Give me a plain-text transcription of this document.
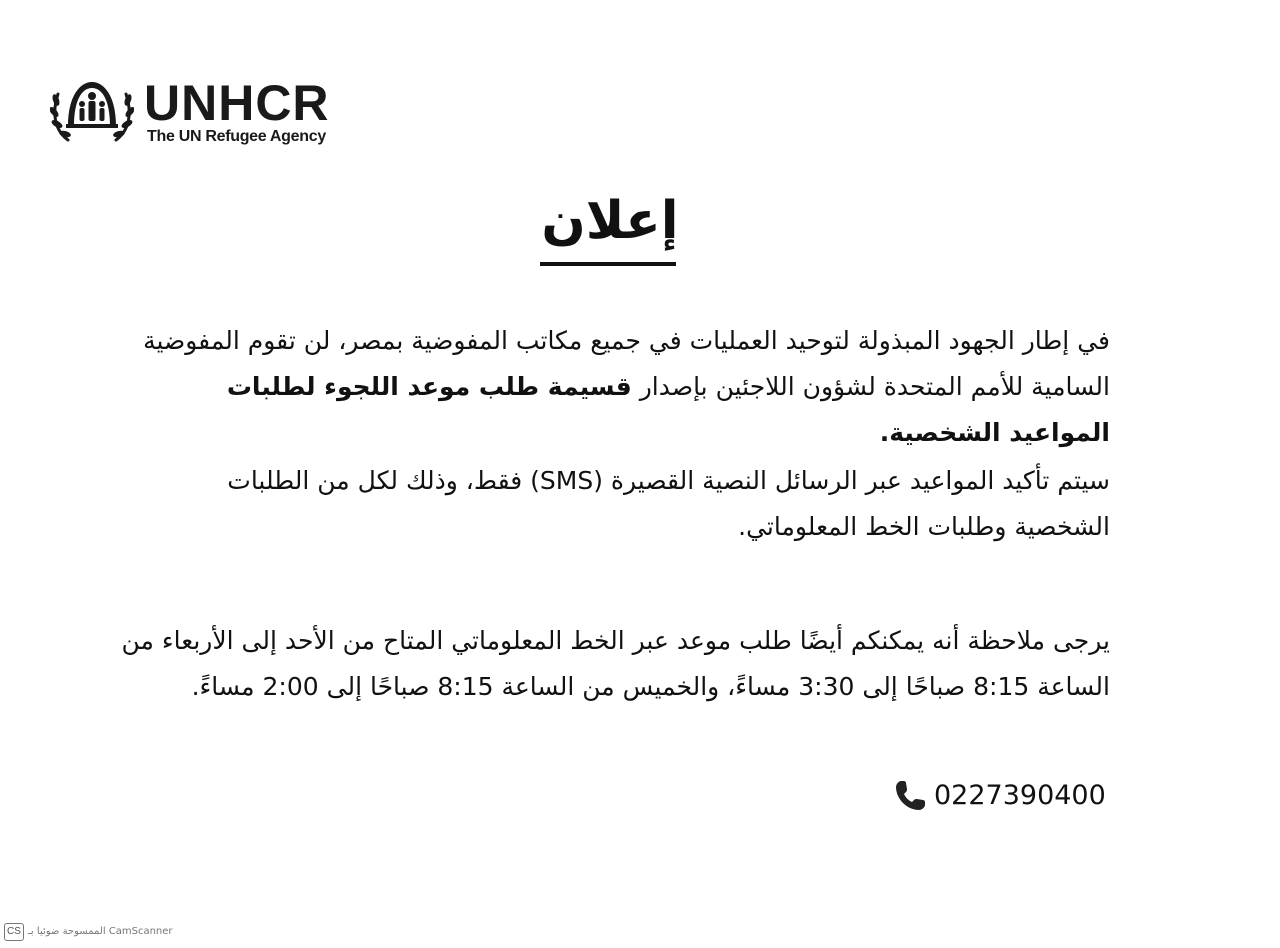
UNHCR
The UN Refugee Agency
إعلان

في إطار الجهود المبذولة لتوحيد العمليات في جميع مكاتب المفوضية بمصر، لن تقوم المفوضية السامية للأمم المتحدة لشؤون اللاجئين بإصدار قسيمة طلب موعد اللجوء لطلبات المواعيد الشخصية.

سيتم تأكيد المواعيد عبر الرسائل النصية القصيرة (SMS) فقط، وذلك لكل من الطلبات الشخصية وطلبات الخط المعلوماتي.

يرجى ملاحظة أنه يمكنكم أيضًا طلب موعد عبر الخط المعلوماتي المتاح من الأحد إلى الأربعاء من الساعة 8:15 صباحًا إلى 3:30 مساءً، والخميس من الساعة 8:15 صباحًا إلى 2:00 مساءً.

0227390400
CS الممسوحة ضوئيا بـ CamScanner
